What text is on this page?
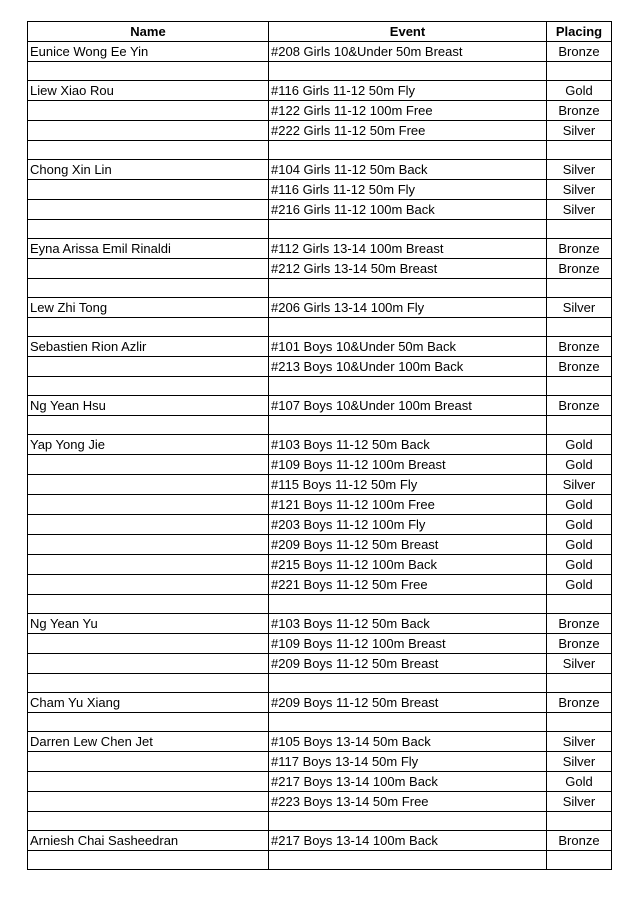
Name	Event	Placing
Eunice Wong Ee Yin	#208 Girls 10&Under 50m Breast	Bronze

Liew Xiao Rou	#116 Girls 11-12 50m Fly	Gold
	#122 Girls 11-12 100m Free	Bronze
	#222 Girls 11-12 50m Free	Silver

Chong Xin Lin	#104 Girls 11-12 50m Back	Silver
	#116 Girls 11-12 50m Fly	Silver
	#216 Girls 11-12 100m Back	Silver

Eyna Arissa Emil Rinaldi	#112 Girls 13-14 100m Breast	Bronze
	#212 Girls 13-14 50m Breast	Bronze

Lew Zhi Tong	#206 Girls 13-14 100m Fly	Silver

Sebastien Rion Azlir	#101 Boys 10&Under 50m Back	Bronze
	#213 Boys 10&Under 100m Back	Bronze

Ng Yean Hsu	#107 Boys 10&Under 100m Breast	Bronze

Yap Yong Jie	#103 Boys 11-12 50m Back	Gold
	#109 Boys 11-12 100m Breast	Gold
	#115 Boys 11-12 50m Fly	Silver
	#121 Boys 11-12 100m Free	Gold
	#203 Boys 11-12 100m Fly	Gold
	#209 Boys 11-12 50m Breast	Gold
	#215 Boys 11-12 100m Back	Gold
	#221 Boys 11-12 50m Free	Gold

Ng Yean Yu	#103 Boys 11-12 50m Back	Bronze
	#109 Boys 11-12 100m Breast	Bronze
	#209 Boys 11-12 50m Breast	Silver

Cham Yu Xiang	#209 Boys 11-12 50m Breast	Bronze

Darren Lew Chen Jet	#105 Boys 13-14 50m Back	Silver
	#117 Boys 13-14 50m Fly	Silver
	#217 Boys 13-14 100m Back	Gold
	#223 Boys 13-14 50m Free	Silver

Arniesh Chai Sasheedran	#217 Boys 13-14 100m Back	Bronze
